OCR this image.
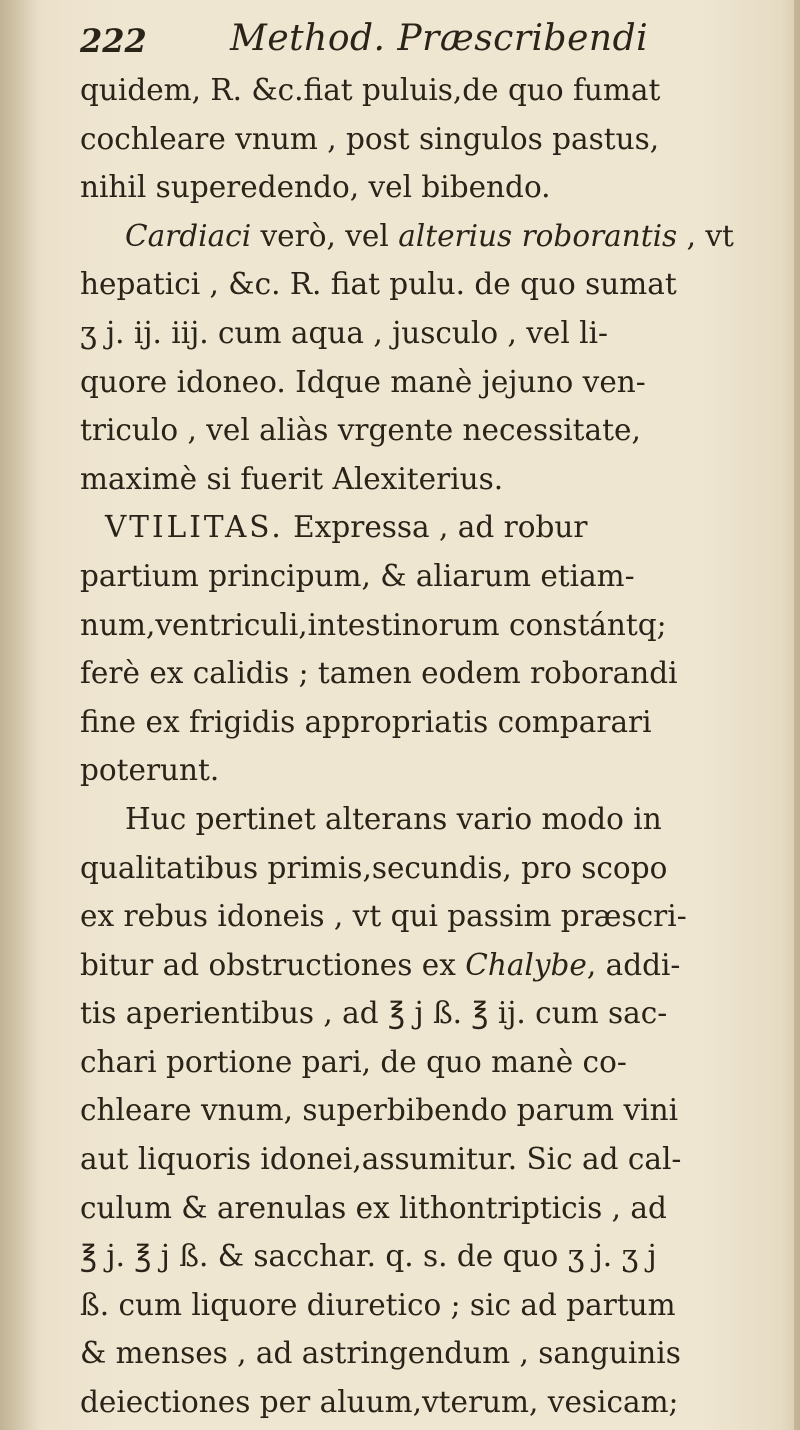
222 Method. Præscribendi
quidem, R. &c.fiat puluis,de quo fumat
cochleare vnum , post singulos pastus,
nihil superedendo, vel bibendo.
Cardiaci verò, vel alterius roborantis , vt
hepatici , &c. R. fiat pulu. de quo sumat
ʒ j. ij. iij. cum aqua , jusculo , vel li-
quore idoneo. Idque manè jejuno ven-
triculo , vel aliàs vrgente necessitate,
maximè si fuerit Alexiterius.
VTILITAS. Expressa , ad robur
partium principum, & aliarum etiam-
num,ventriculi,intestinorum constántq;
ferè ex calidis ; tamen eodem roborandi
fine ex frigidis appropriatis comparari
poterunt.
Huc pertinet alterans vario modo in
qualitatibus primis,secundis, pro scopo
ex rebus idoneis , vt qui passim præscri-
bitur ad obstructiones ex Chalybe, addi-
tis aperientibus , ad ℥ j ß. ℥ ij. cum sac-
chari portione pari, de quo manè co-
chleare vnum, superbibendo parum vini
aut liquoris idonei,assumitur. Sic ad cal-
culum & arenulas ex lithontripticis , ad
℥ j. ℥ j ß. & sacchar. q. s. de quo ʒ j. ʒ j
ß. cum liquore diuretico ; sic ad partum
& menses , ad astringendum , sanguinis
deiectiones per aluum,vterum, vesicam;
